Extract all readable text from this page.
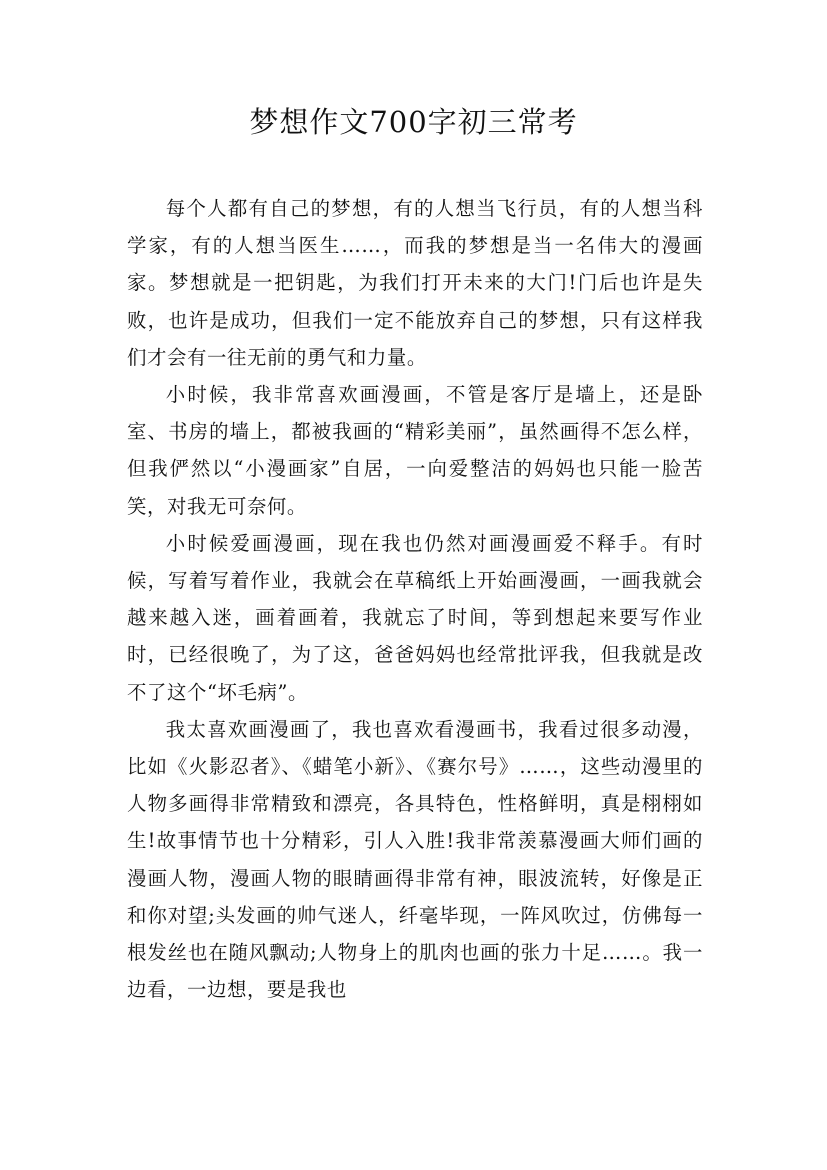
梦想作文700字初三常考

每个人都有自己的梦想，有的人想当飞行员，有的人想当科学家，有的人想当医生……，而我的梦想是当一名伟大的漫画家。梦想就是一把钥匙，为我们打开未来的大门!门后也许是失败，也许是成功，但我们一定不能放弃自己的梦想，只有这样我们才会有一往无前的勇气和力量。

小时候，我非常喜欢画漫画，不管是客厅是墙上，还是卧室、书房的墙上，都被我画的“精彩美丽”，虽然画得不怎么样，但我俨然以“小漫画家”自居，一向爱整洁的妈妈也只能一脸苦笑，对我无可奈何。

小时候爱画漫画，现在我也仍然对画漫画爱不释手。有时候，写着写着作业，我就会在草稿纸上开始画漫画，一画我就会越来越入迷，画着画着，我就忘了时间，等到想起来要写作业时，已经很晚了，为了这，爸爸妈妈也经常批评我，但我就是改不了这个“坏毛病”。

我太喜欢画漫画了，我也喜欢看漫画书，我看过很多动漫，比如《火影忍者》、《蜡笔小新》、《赛尔号》……，这些动漫里的人物多画得非常精致和漂亮，各具特色，性格鲜明，真是栩栩如生!故事情节也十分精彩，引人入胜!我非常羡慕漫画大师们画的漫画人物，漫画人物的眼睛画得非常有神，眼波流转，好像是正和你对望;头发画的帅气迷人，纤毫毕现，一阵风吹过，仿佛每一根发丝也在随风飘动;人物身上的肌肉也画的张力十足……。我一边看，一边想，要是我也
